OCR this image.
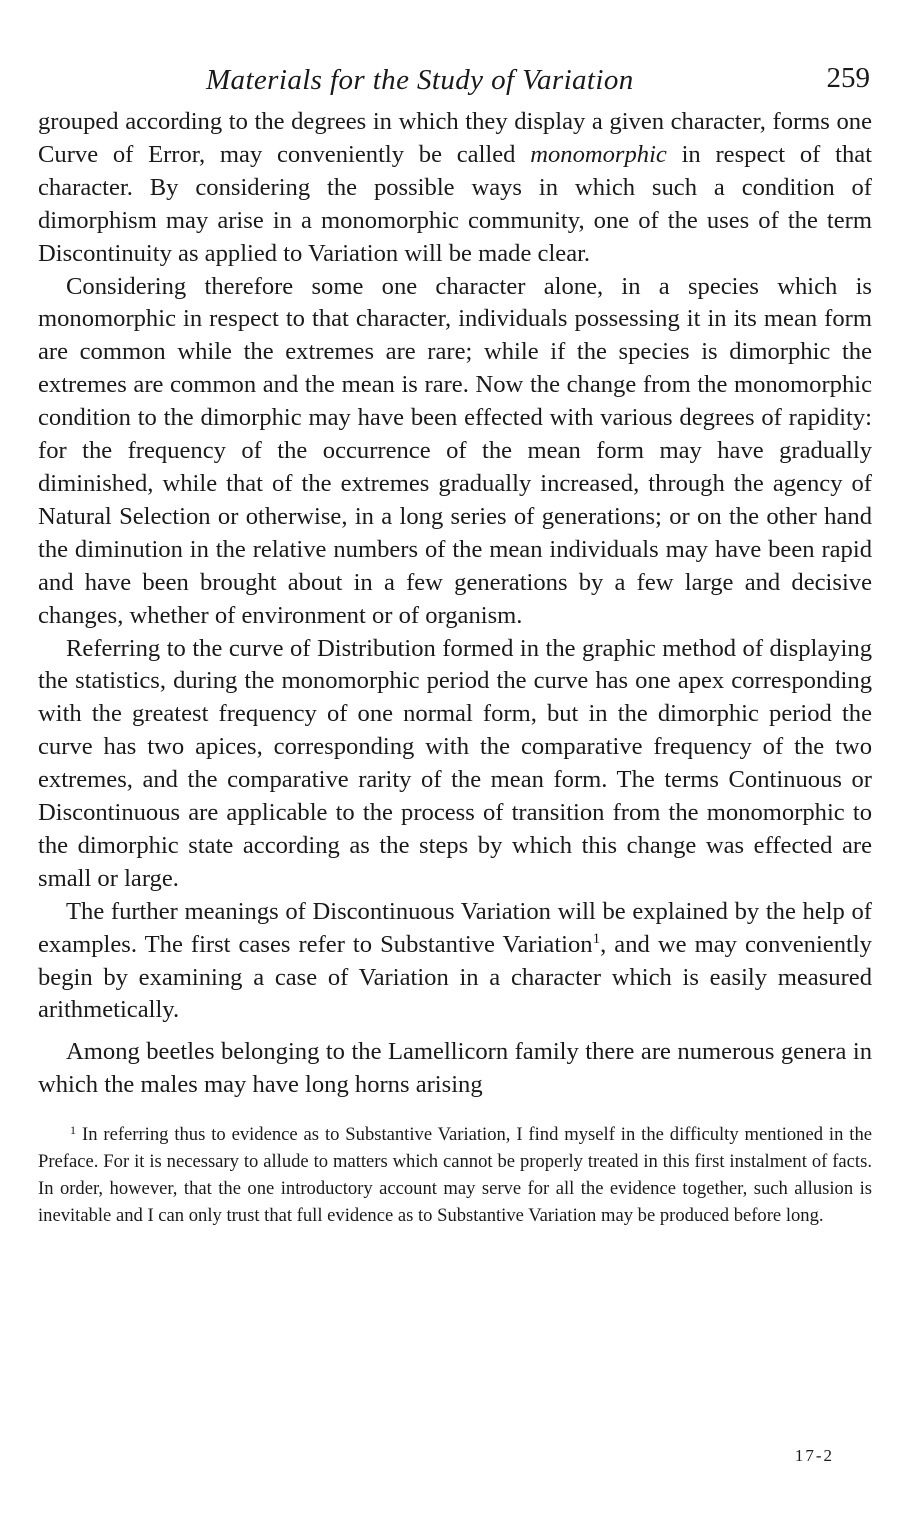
Materials for the Study of Variation	259

grouped according to the degrees in which they display a given character, forms one Curve of Error, may conveniently be called monomorphic in respect of that character. By considering the possible ways in which such a condition of dimorphism may arise in a monomorphic community, one of the uses of the term Discontinuity as applied to Variation will be made clear.

Considering therefore some one character alone, in a species which is monomorphic in respect to that character, individuals possessing it in its mean form are common while the extremes are rare; while if the species is dimorphic the extremes are common and the mean is rare. Now the change from the monomorphic condition to the dimorphic may have been effected with various degrees of rapidity: for the frequency of the occurrence of the mean form may have gradually diminished, while that of the extremes gradually increased, through the agency of Natural Selection or otherwise, in a long series of generations; or on the other hand the diminution in the relative numbers of the mean individuals may have been rapid and have been brought about in a few generations by a few large and decisive changes, whether of environment or of organism.

Referring to the curve of Distribution formed in the graphic method of displaying the statistics, during the monomorphic period the curve has one apex corresponding with the greatest frequency of one normal form, but in the dimorphic period the curve has two apices, corresponding with the comparative frequency of the two extremes, and the comparative rarity of the mean form. The terms Continuous or Discontinuous are applicable to the process of transition from the monomorphic to the dimorphic state according as the steps by which this change was effected are small or large.

The further meanings of Discontinuous Variation will be explained by the help of examples. The first cases refer to Substantive Variation$^1$, and we may conveniently begin by examining a case of Variation in a character which is easily measured arithmetically.

Among beetles belonging to the Lamellicorn family there are numerous genera in which the males may have long horns arising

$^1$ In referring thus to evidence as to Substantive Variation, I find myself in the difficulty mentioned in the Preface. For it is necessary to allude to matters which cannot be properly treated in this first instalment of facts. In order, however, that the one introductory account may serve for all the evidence together, such allusion is inevitable and I can only trust that full evidence as to Substantive Variation may be produced before long.

17-2
